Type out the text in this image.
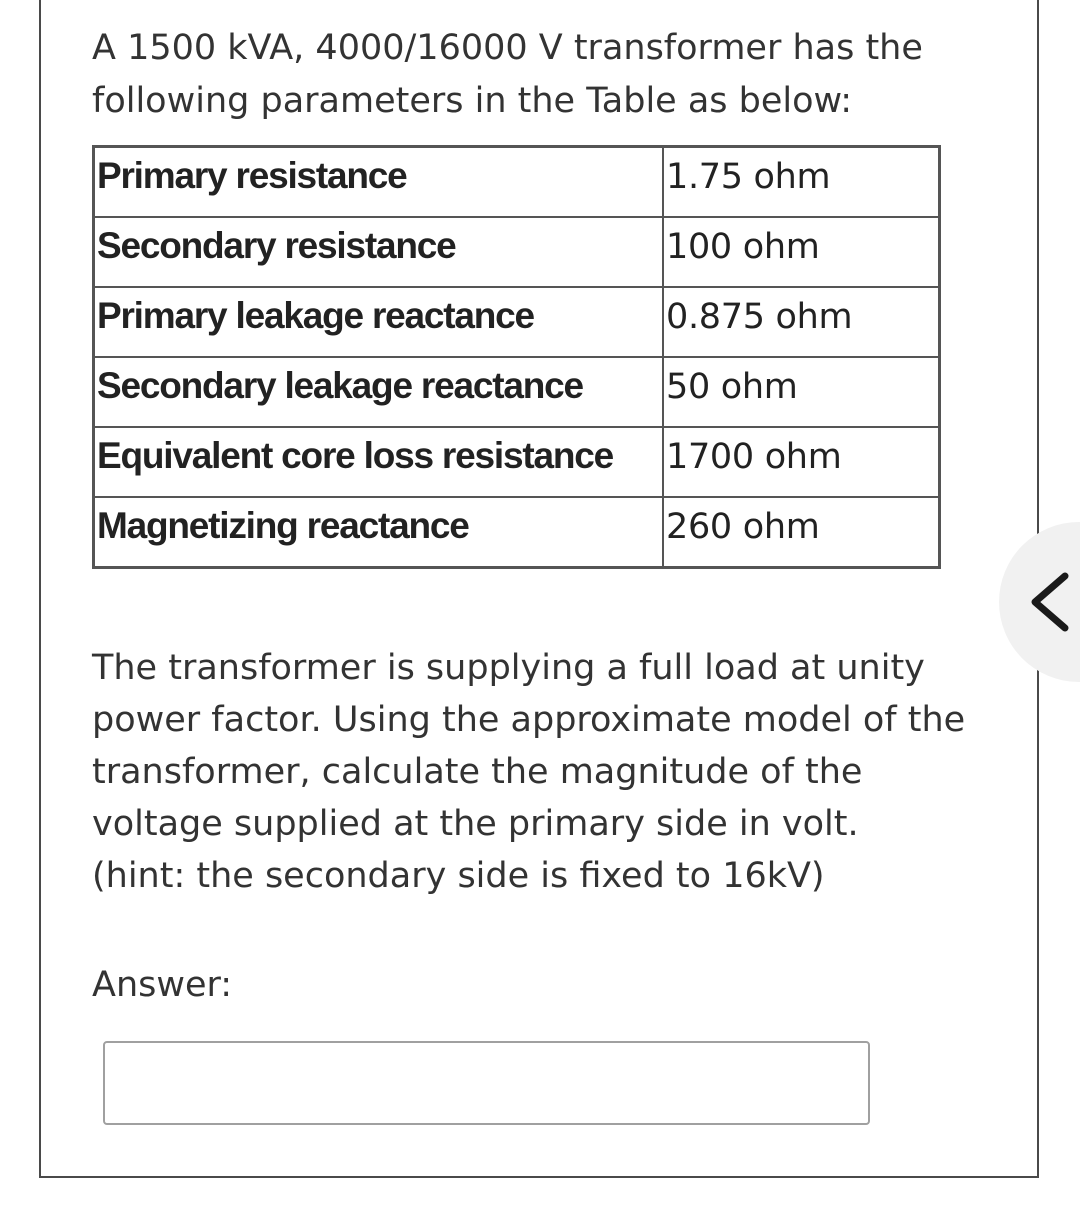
A 1500 kVA, 4000/16000 V transformer has the
following parameters in the Table as below:

Primary resistance	1.75 ohm
Secondary resistance	100 ohm
Primary leakage reactance	0.875 ohm
Secondary leakage reactance	50 ohm
Equivalent core loss resistance	1700 ohm
Magnetizing reactance	260 ohm

The transformer is supplying a full load at unity
power factor. Using the approximate model of the
transformer, calculate the magnitude of the
voltage supplied at the primary side in volt.
(hint: the secondary side is fixed to 16kV)

Answer:
